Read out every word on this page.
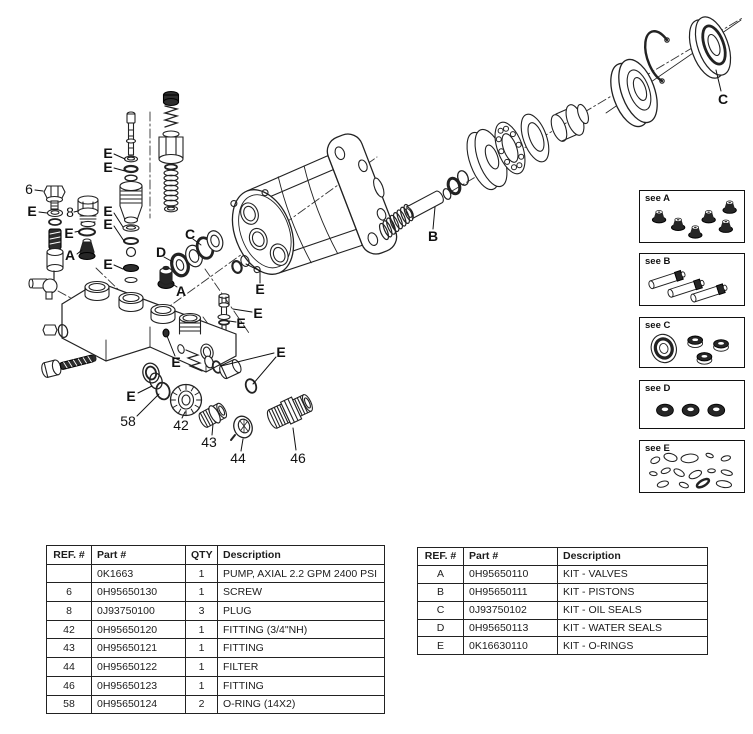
6
E 8
E
A
E
E
E
E
E
C
D
A	E
E
E
E
E
E
58	42
43
44	46
B
C
see A
see B
see C
see D
see E
REF. #	Part #	QTY	Description
	0K1663	1	PUMP, AXIAL 2.2 GPM 2400 PSI
6	0H95650130	1	SCREW
8	0J93750100	3	PLUG
42	0H95650120	1	FITTING (3/4"NH)
43	0H95650121	1	FITTING
44	0H95650122	1	FILTER
46	0H95650123	1	FITTING
58	0H95650124	2	O-RING (14X2)
REF. #	Part #	Description
A	0H95650110	KIT - VALVES
B	0H95650111	KIT - PISTONS
C	0J93750102	KIT - OIL SEALS
D	0H95650113	KIT - WATER SEALS
E	0K16630110	KIT - O-RINGS
